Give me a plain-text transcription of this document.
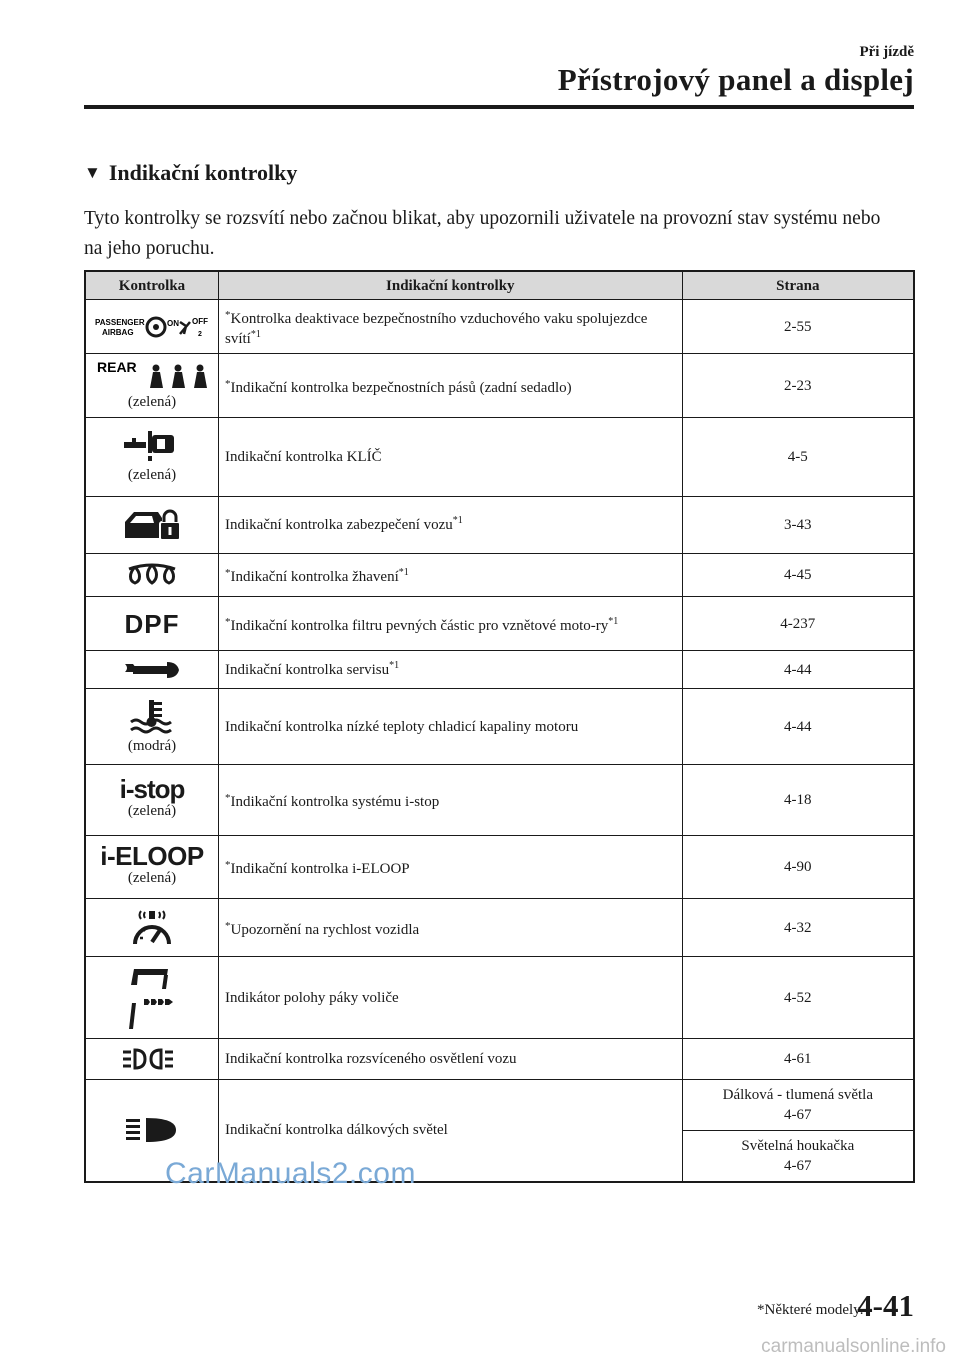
Při jízdě
Přístrojový panel a displej
▼ Indikační kontrolky
Tyto kontrolky se rozsvítí nebo začnou blikat, aby upozornili uživatele na provozní stav systému nebo na jeho poruchu.
Kontrolka	Indikační kontrolky	Strana

PASSENGER
AIRBAG
ON OFF
2	*Kontrolka deaktivace bezpečnostního vzduchového vaku spolujezdce svítí$^{*1}$	2-55

REAR
(zelená)	*Indikační kontrolka bezpečnostních pásů (zadní sedadlo)	2-23

(zelená)	Indikační kontrolka KLÍČ	4-5

	Indikační kontrolka zabezpečení vozu$^{*1}$	3-43

	*Indikační kontrolka žhavení$^{*1}$	4-45

DPF	*Indikační kontrolka filtru pevných částic pro vznětové moto-$ry^{*1}$	4-237

	Indikační kontrolka servisu$^{*1}$	4-44

(modrá)	Indikační kontrolka nízké teploty chladicí kapaliny motoru	4-44

i-stop
(zelená)	*Indikační kontrolka systému i-stop	4-18

i-ELOOP
(zelená)	*Indikační kontrolka i-ELOOP	4-90

	*Upozornění na rychlost vozidla	4-32

	Indikátor polohy páky voliče	4-52

	Indikační kontrolka rozsvíceného osvětlení vozu	4-61

	Indikační kontrolka dálkových světel	Dálková - tlumená světla
4-67

		Světelná houkačka
4-67
CarManuals2.com
*Některé modely.
4-41
carmanualsonline.info
